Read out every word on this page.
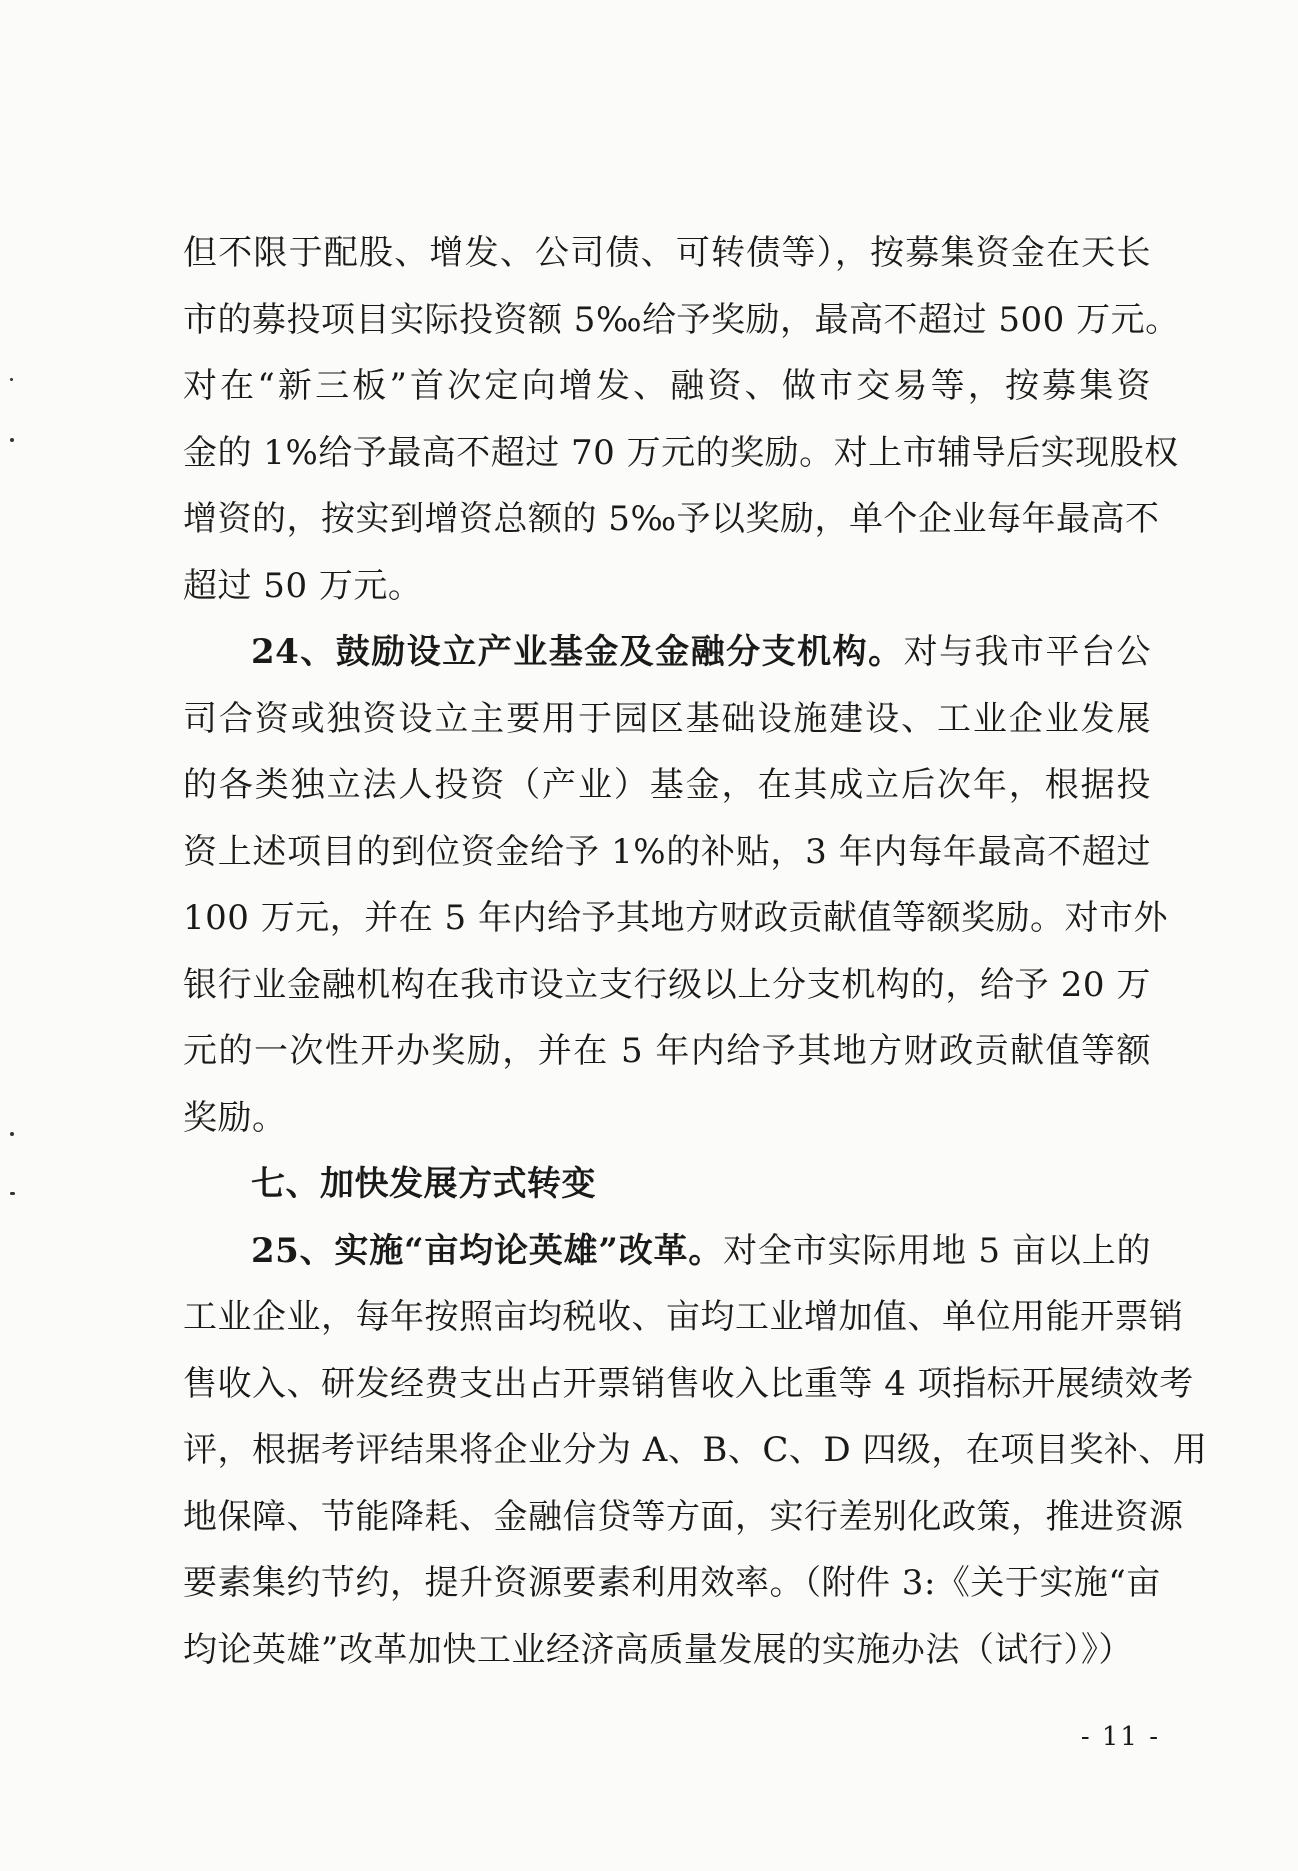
但不限于配股、增发、公司债、可转债等），按募集资金在天长
市的募投项目实际投资额 5‰给予奖励，最高不超过 500 万元。
对在“新三板”首次定向增发、融资、做市交易等，按募集资
金的 1%给予最高不超过 70 万元的奖励。对上市辅导后实现股权
增资的，按实到增资总额的 5‰予以奖励，单个企业每年最高不
超过 50 万元。
24、鼓励设立产业基金及金融分支机构。对与我市平台公
司合资或独资设立主要用于园区基础设施建设、工业企业发展
的各类独立法人投资（产业）基金，在其成立后次年，根据投
资上述项目的到位资金给予 1%的补贴，3 年内每年最高不超过
100 万元，并在 5 年内给予其地方财政贡献值等额奖励。对市外
银行业金融机构在我市设立支行级以上分支机构的，给予 20 万
元的一次性开办奖励，并在 5 年内给予其地方财政贡献值等额
奖励。
七、加快发展方式转变
25、实施“亩均论英雄”改革。对全市实际用地 5 亩以上的
工业企业，每年按照亩均税收、亩均工业增加值、单位用能开票销
售收入、研发经费支出占开票销售收入比重等 4 项指标开展绩效考
评，根据考评结果将企业分为 A、B、C、D 四级，在项目奖补、用
地保障、节能降耗、金融信贷等方面，实行差别化政策，推进资源
要素集约节约，提升资源要素利用效率。（附件 3:《关于实施“亩
均论英雄”改革加快工业经济高质量发展的实施办法（试行）》）
- 11 -
